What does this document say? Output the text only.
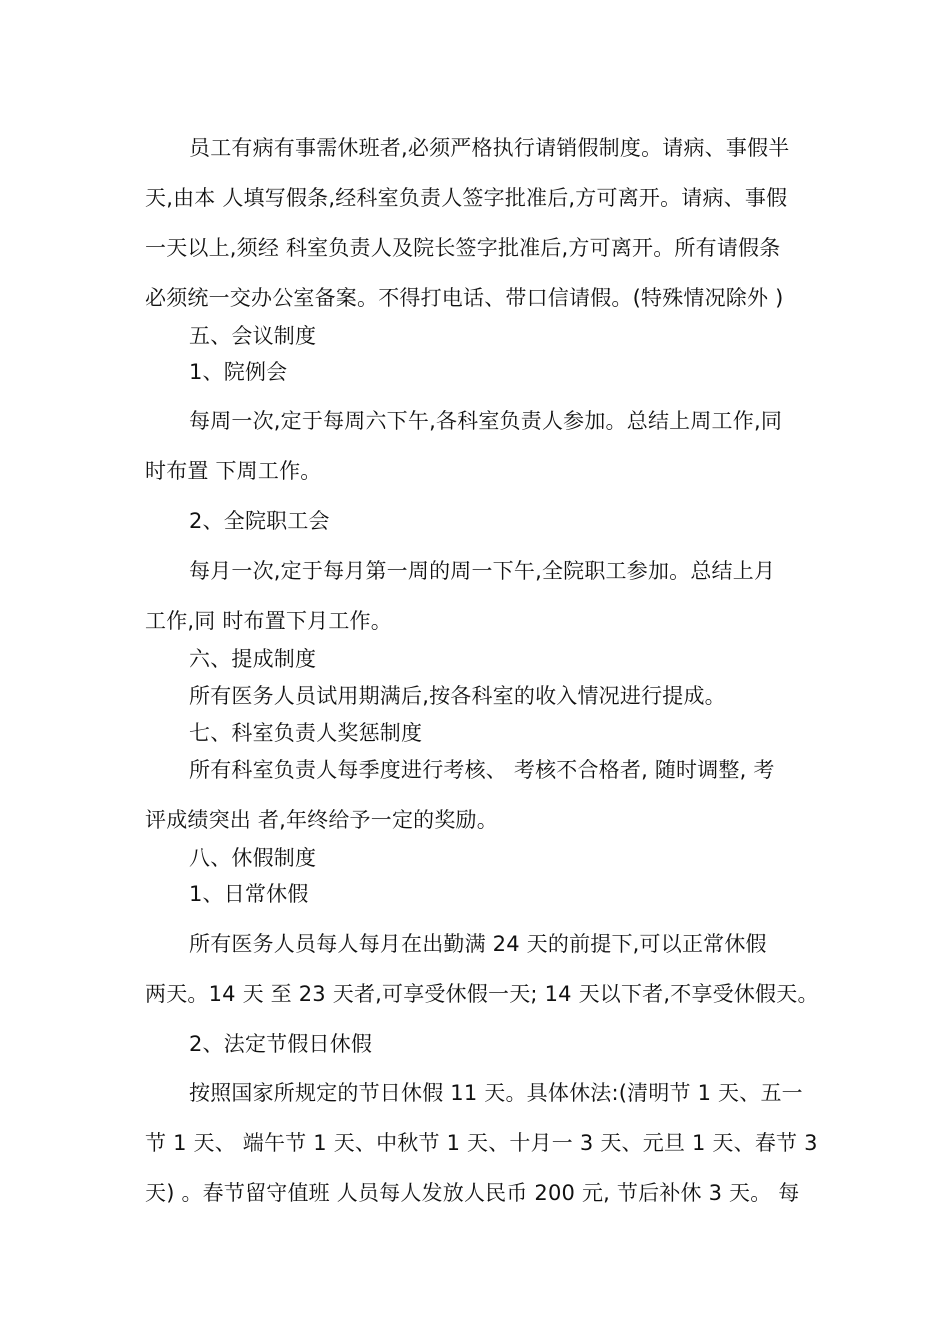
员工有病有事需休班者,必须严格执行请销假制度。请病、事假半
天,由本 人填写假条,经科室负责人签字批准后,方可离开。请病、事假
一天以上,须经 科室负责人及院长签字批准后,方可离开。所有请假条
必须统一交办公室备案。不得打电话、带口信请假。(特殊情况除外 )
五、会议制度
1、院例会
每周一次,定于每周六下午,各科室负责人参加。总结上周工作,同
时布置 下周工作。
2、全院职工会
每月一次,定于每月第一周的周一下午,全院职工参加。总结上月
工作,同 时布置下月工作。
六、提成制度
所有医务人员试用期满后,按各科室的收入情况进行提成。
七、科室负责人奖惩制度
所有科室负责人每季度进行考核、 考核不合格者, 随时调整, 考
评成绩突出 者,年终给予一定的奖励。
八、休假制度
1、日常休假
所有医务人员每人每月在出勤满 24 天的前提下,可以正常休假
两天。14 天 至 23 天者,可享受休假一天; 14 天以下者,不享受休假天。
2、法定节假日休假
按照国家所规定的节日休假 11 天。具体休法:(清明节 1 天、五一
节 1 天、 端午节 1 天、中秋节 1 天、十月一 3 天、元旦 1 天、春节 3
天) 。春节留守值班 人员每人发放人民币 200 元, 节后补休 3 天。 每
